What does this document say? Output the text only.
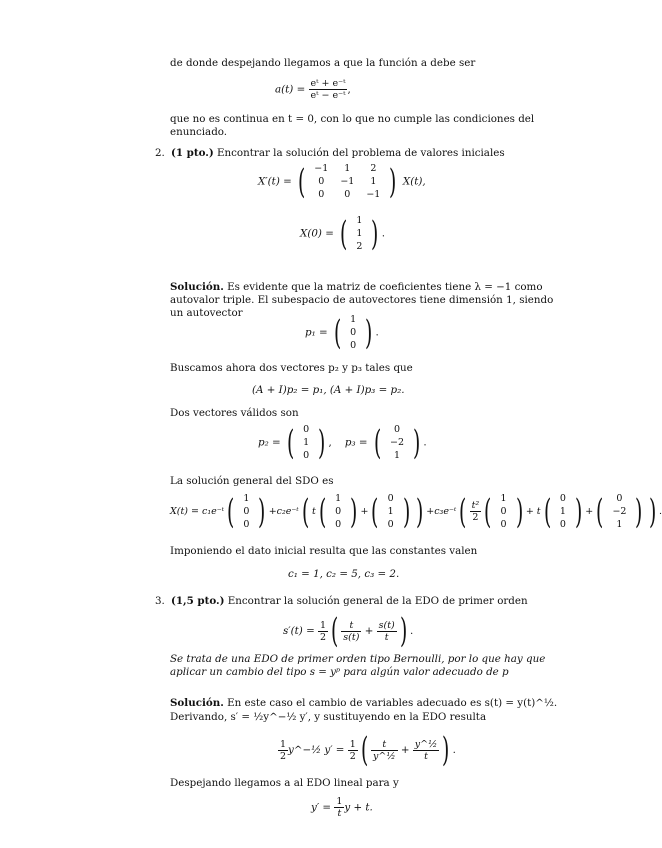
de donde despejando llegamos a que la función a debe ser
$a(t) = \frac{\text{eᵗ + e⁻ᵗ}}{\text{eᵗ − e⁻ᵗ}}$ ,
que no es continua en t = 0, con lo que no cumple las condiciones del
enunciado.
2. (1 pto.) Encontrar la solución del problema de valores iniciales
X′(t) = ( −1	1	2
0	−1	1
0	0	−1 ) X(t),
X(0) = ( 1
1
2 ) .
Solución. Es evidente que la matriz de coeficientes tiene λ = −1 como
autovalor triple. El subespacio de autovectores tiene dimensión 1, siendo
un autovector
p₁ = ( 1
0
0 ) .
Buscamos ahora dos vectores p₂ y p₃ tales que
(A + I)p₂ = p₁, (A + I)p₃ = p₂.
Dos vectores válidos son
p₂ = ( 0
1
0 ) ,    p₃ = ( 0
−2
1 ) .
La solución general del SDO es
X(t) = c₁e⁻ᵗ( 1
0
0 ) +c₂e⁻ᵗ( t( 1
0
0 ) +( 0
1
0 ) ) +c₃e⁻ᵗ( $\frac{\text{t²}}{2}$ ( 1
0
0 ) + t( 0
1
0 ) +( 0
−2
1 ) ) .
Imponiendo el dato inicial resulta que las constantes valen
c₁ = 1, c₂ = 5, c₃ = 2.
3. (1,5 pto.) Encontrar la solución general de la EDO de primer orden
$s'(t) = \frac{1}{2}$ ( $\frac{t}{s(t)} + \frac{s(t)}{t}$ ) .
Se trata de una EDO de primer orden tipo Bernoulli, por lo que hay que
aplicar un cambio del tipo s = yᵖ para algún valor adecuado de p
Solución. En este caso el cambio de variables adecuado es s(t) = y(t)^½.
Derivando, s′ = ½y^−½ y′, y sustituyendo en la EDO resulta
$\frac{1}{2}$ y^−½ $y' = \frac{1}{2}$ ( $\frac{t}{\text{y\textasciicircum{}½}} + \frac{\text{y\textasciicircum{}½}}{t}$ ) .
Despejando llegamos a al EDO lineal para y
$y' = \frac{1}{t}$ y + t.
